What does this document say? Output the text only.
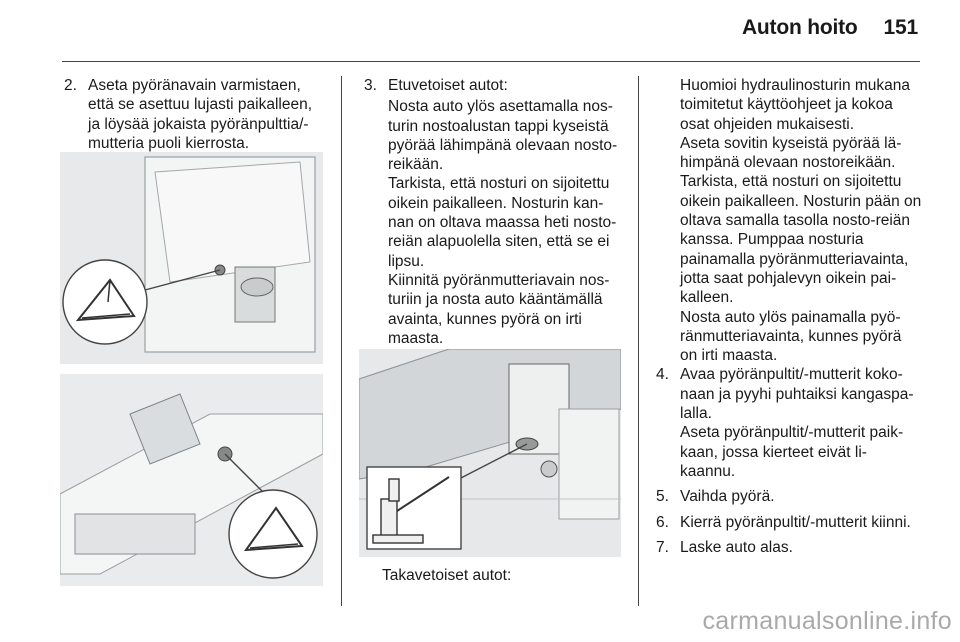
Auton hoito 151
2. Aseta pyöränavain varmistaen, että se asettuu lujasti paikalleen, ja löysää jokaista pyöränpulttia/-mutteria puoli kierrosta.

3. Etuvetoiset autot:

Nosta auto ylös asettamalla nos-turin nostoalustan tappi kyseistä pyörää lähimpänä olevaan nosto-reikään.

Tarkista, että nosturi on sijoitettu oikein paikalleen. Nosturin kan-nan on oltava maassa heti nosto-reiän alapuolella siten, että se ei lipsu.

Kiinnitä pyöränmutteriavain nos-turiin ja nosta auto kääntämällä avainta, kunnes pyörä on irti maasta.

Takavetoiset autot:

Huomioi hydraulinosturin mukana toimitetut käyttöohjeet ja kokoa osat ohjeiden mukaisesti.

Aseta sovitin kyseistä pyörää lä-himpänä olevaan nostoreikään.

Tarkista, että nosturi on sijoitettu oikein paikalleen. Nosturin pään on oltava samalla tasolla nosto-reiän kanssa. Pumppaa nosturia painamalla pyöränmutteriavainta, jotta saat pohjalevyn oikein pai-kalleen.

Nosta auto ylös painamalla pyö-ränmutteriavainta, kunnes pyörä on irti maasta.

4. Avaa pyöränpultit/-mutterit koko-naan ja pyyhi puhtaiksi kangaspa-lalla.

Aseta pyöränpultit/-mutterit paik-kaan, jossa kierteet eivät li-kaannu.

5. Vaihda pyörä.

6. Kierrä pyöränpultit/-mutterit kiinni.

7. Laske auto alas.

carmanualsonline.info
